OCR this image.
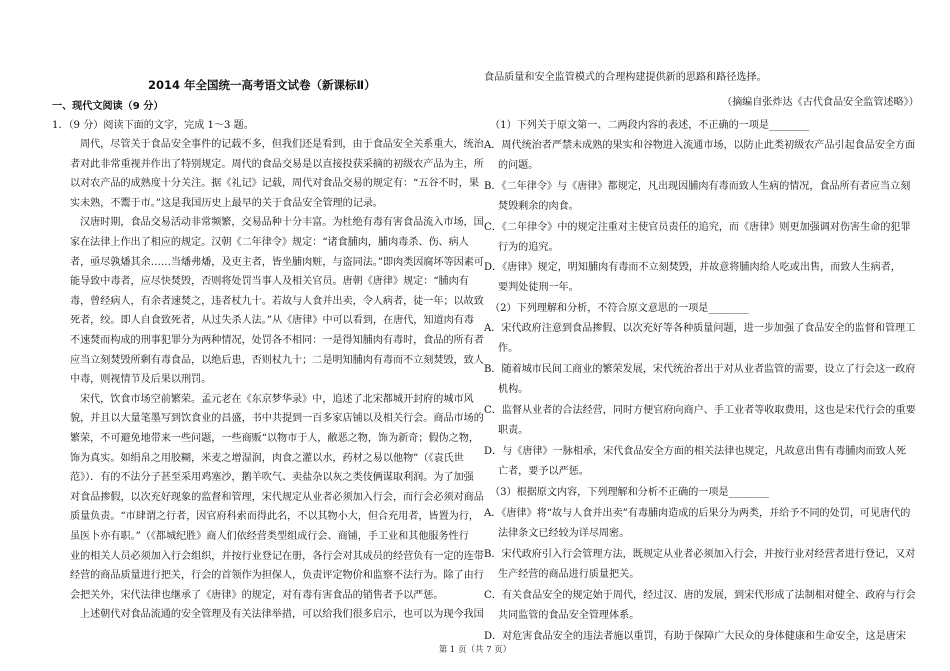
2014 年全国统一高考语文试卷（新课标Ⅱ）
一、现代文阅读（9 分）
1．（9 分）阅读下面的文字，完成 1～3 题。
周代，尽管关于食品安全事件的记载不多，但我们还是看到，由于食品安全关系重大，统治
者对此非常重视并作出了特别规定。周代的食品交易是以直接投获采摘的初级农产品为主，所
以对农产品的成熟度十分关注。据《礼记》记载，周代对食品交易的规定有：“五谷不时，果
实未熟，不鬻于市。”这是我国历史上最早的关于食品安全管理的记录。
汉唐时期，食品交易活动非常频繁，交易品种十分丰富。为杜绝有毒有害食品流入市场，国
家在法律上作出了相应的规定。汉朝《二年律令》规定：“诸食脯肉，脯肉毒杀、伤、病人
者，亟尽孰燔其余……当燔弗燔，及吏主者，皆坐脯肉赃，与盗同法。”即肉类因腐坏等因素可
能导致中毒者，应尽快焚毁，否则将处罚当事人及相关官员。唐朝《唐律》规定：“脯肉有
毒，曾经病人，有余者速焚之，违者杖九十。若故与人食并出卖，令人病者，徒一年；以故致
死者，绞。即人自食致死者，从过失杀人法。”从《唐律》中可以看到，在唐代，知道肉有毒
不速焚而构成的刑事犯罪分为两种情况，处罚各不相同：一是得知脯肉有毒时，食品的所有者
应当立刻焚毁所剩有毒食品，以绝后患，否则杖九十；二是明知脯肉有毒而不立刻焚毁，致人
中毒，则视情节及后果以刑罚。
宋代，饮食市场空前繁荣。孟元老在《东京梦华录》中，追述了北宋都城开封府的城市风
貌，并且以大量笔墨写到饮食业的昌盛，书中共提到一百多家店铺以及相关行会。商品市场的
繁荣，不可避免地带来一些问题，一些商贩“以物市于人，敝恶之物，饰为新奇；假伪之物，
饰为真实。如绢帛之用胶糊，米麦之增湿润，肉食之灌以水，药材之易以他物”（《袁氏世
范》）．有的不法分子甚至采用鸡塞沙，鹅羊吹气、卖盐杂以灰之类伎俩谋取利润。为了加强
对食品掺假，以次充好现象的监督和管理，宋代规定从业者必须加入行会，而行会必须对商品
质量负责。“市肆谓之行者，因官府科索而得此名，不以其物小大，但合充用者，皆置为行，
虽医卜亦有职。”（《都城纪胜》商人们依经营类型组成行会、商铺，手工业和其他服务性行
业的相关人员必须加入行会组织，并按行业登记在册，各行会对其成员的经营负有一定的连带
经营的商品质量进行把关，行会的首领作为担保人，负责评定物价和监察不法行为。除了由行
会把关外，宋代法律也继承了《唐律》的规定，对有毒有害食品的销售者予以严惩。
上述朝代对食品流通的安全管理及有关法律举措，可以给我们很多启示，也可以为现今我国
食品质量和安全监管模式的合理构建提供新的思路和路径选择。
（摘编自张炸达《古代食品安全监管述略》）
（1）下列关于原文第一、二两段内容的表述，不正确的一项是________
A．周代统治者严禁未成熟的果实和谷物进入流通市场，以防止此类初级农产品引起食品安全方面
的问题。
B．《二年律令》与《唐律》都规定，凡出现因脯肉有毒而致人生病的情况，食品所有者应当立刻
焚毁剩余的肉食。
C．《二年律令》中的规定注重对主使官员责任的追究，而《唐律》则更加强调对伤害生命的犯罪
行为的追究。
D．《唐律》规定，明知脯肉有毒而不立刻焚毁，并故意将脯肉给人吃或出售，而致人生病者，
要判处徒刑一年。
（2）下列理解和分析，不符合原文意思的一项是________
A．宋代政府注意到食品掺假、以次充好等各种质量问题，进一步加强了食品安全的监督和管理工
作。
B．随着城市民间工商业的繁荣发展，宋代统治者出于对从业者监管的需要，设立了行会这一政府
机构。
C．监督从业者的合法经营，同时方便官府向商户、手工业者等收取费用，这也是宋代行会的重要
职责。
D．与《唐律》一脉相承，宋代食品安全方面的相关法律也规定，凡故意出售有毒脯肉而致人死
亡者，要予以严惩。
（3）根据原文内容，下列理解和分析不正确的一项是________
A．《唐律》将“故与人食并出卖”有毒脯肉造成的后果分为两类，并给予不同的处罚，可见唐代的
法律条文已经较为详尽周密。
B．宋代政府引入行会管理方法，既规定从业者必须加入行会，并按行业对经营者进行登记，又对
生产经营的商品进行质量把关。
C．有关食品安全的规定始于周代，经过汉、唐的发展，到宋代形成了法制相对健全、政府与行会
共同监管的食品安全管理体系。
D．对危害食品安全的违法者施以重罚，有助于保障广大民众的身体健康和生命安全，这是唐宋
第 1 页（共 7 页）
